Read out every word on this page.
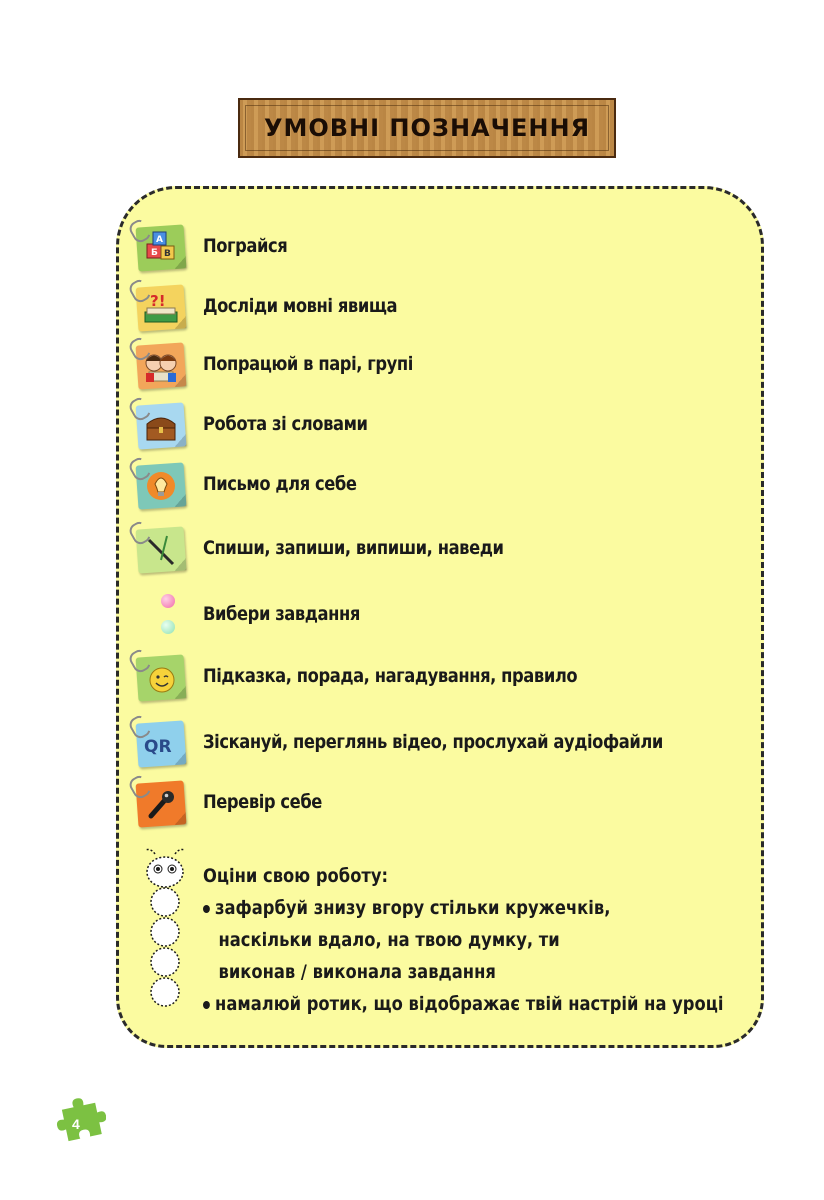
УМОВНІ ПОЗНАЧЕННЯ
Б В
А Пограйся
?! Досліди мовні явища
Попрацюй в парі, групі
Робота зі словами
Письмо для себе
Спиши, запиши, випиши, наведи
Вибери завдання
Підказка, порада, нагадування, правило
QR Зіскануй, переглянь відео, прослухай аудіофайли
Перевір себе
Оціни свою роботу:
зафарбуй знизу вгору стільки кружечків,
наскільки вдало, на твою думку, ти
виконав / виконала завдання
намалюй ротик, що відображає твій настрій на уроці
4
